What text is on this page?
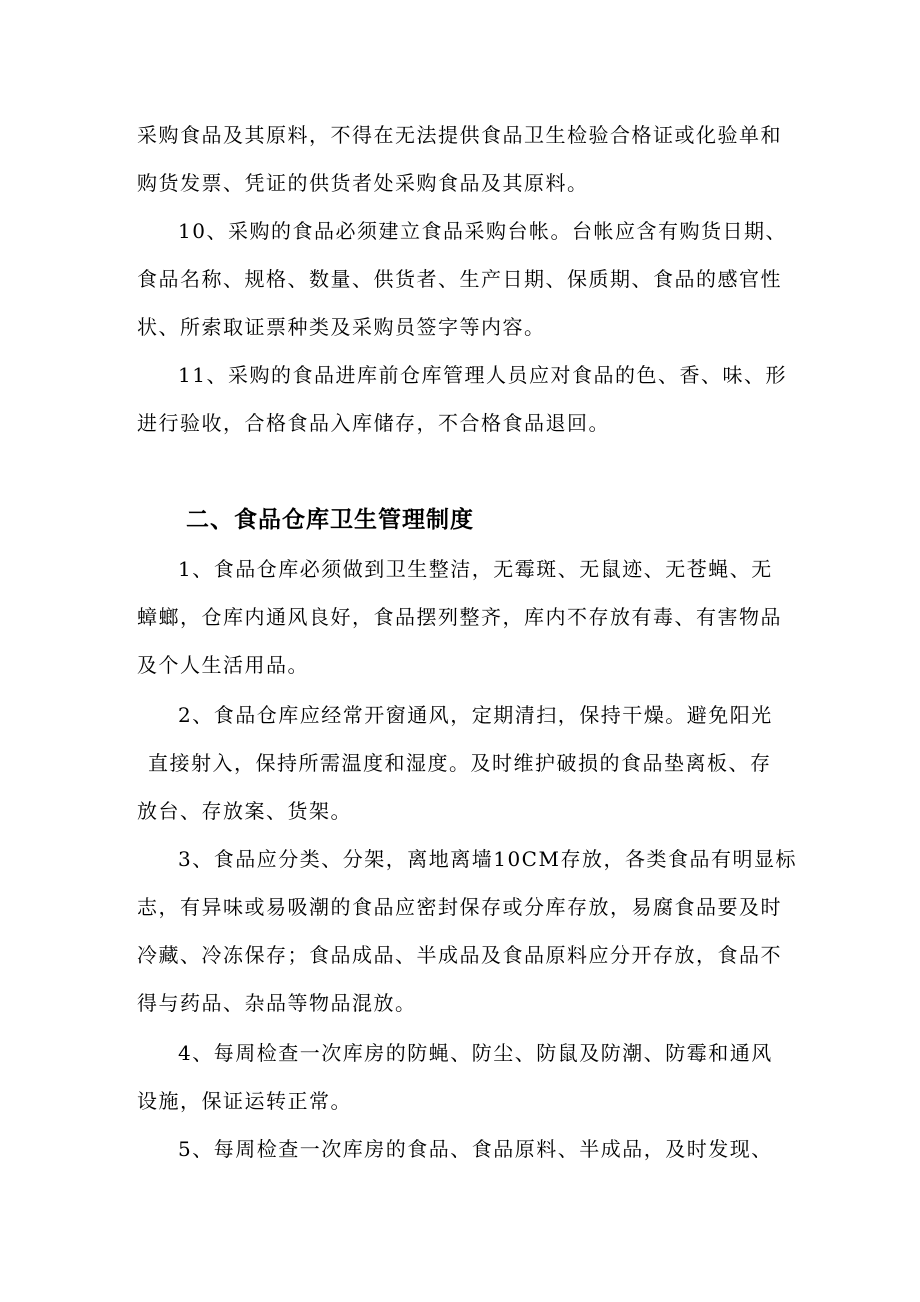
采购食品及其原料，不得在无法提供食品卫生检验合格证或化验单和
购货发票、凭证的供货者处采购食品及其原料。
10、采购的食品必须建立食品采购台帐。台帐应含有购货日期、
食品名称、规格、数量、供货者、生产日期、保质期、食品的感官性
状、所索取证票种类及采购员签字等内容。
11、采购的食品进库前仓库管理人员应对食品的色、香、味、形
进行验收，合格食品入库储存，不合格食品退回。
二、食品仓库卫生管理制度
1、食品仓库必须做到卫生整洁，无霉斑、无鼠迹、无苍蝇、无
蟑螂，仓库内通风良好，食品摆列整齐，库内不存放有毒、有害物品
及个人生活用品。
2、食品仓库应经常开窗通风，定期清扫，保持干燥。避免阳光
直接射入，保持所需温度和湿度。及时维护破损的食品垫离板、存
放台、存放案、货架。
3、食品应分类、分架，离地离墙10CM存放，各类食品有明显标
志，有异味或易吸潮的食品应密封保存或分库存放，易腐食品要及时
冷藏、冷冻保存；食品成品、半成品及食品原料应分开存放，食品不
得与药品、杂品等物品混放。
4、每周检查一次库房的防蝇、防尘、防鼠及防潮、防霉和通风
设施，保证运转正常。
5、每周检查一次库房的食品、食品原料、半成品，及时发现、
